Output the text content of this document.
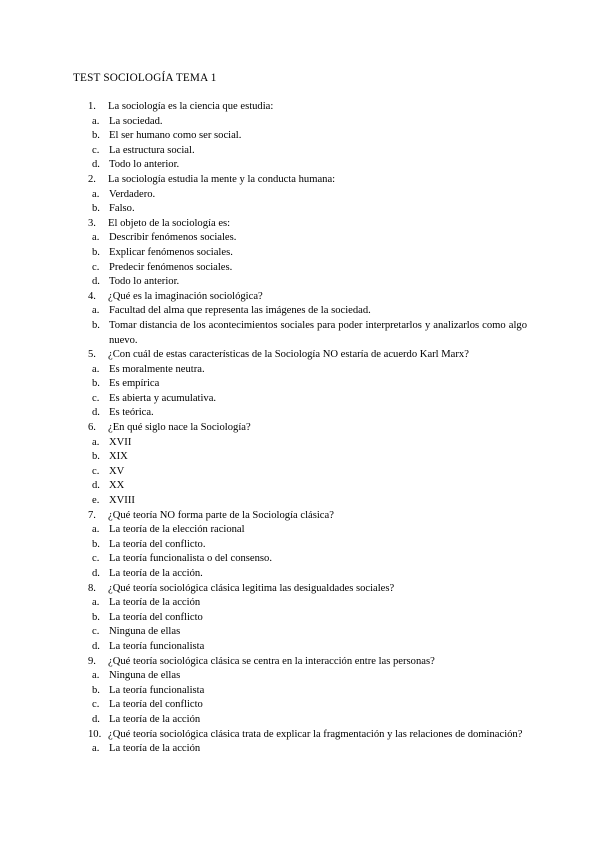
TEST SOCIOLOGÍA TEMA 1
1.	La sociología es la ciencia que estudia:
a. La sociedad.
b. El ser humano como ser social.
c. La estructura social.
d. Todo lo anterior.
2.	La sociología estudia la mente y la conducta humana:
a. Verdadero.
b. Falso.
3.	El objeto de la sociología es:
a. Describir fenómenos sociales.
b. Explicar fenómenos sociales.
c. Predecir fenómenos sociales.
d. Todo lo anterior.
4.	¿Qué es la imaginación sociológica?
a. Facultad del alma que representa las imágenes de la sociedad.
b. Tomar distancia de los acontecimientos sociales para poder interpretarlos y analizarlos como algo nuevo.
5.	¿Con cuál de estas características de la Sociología NO estaría de acuerdo Karl Marx?
a. Es moralmente neutra.
b. Es empírica
c. Es abierta y acumulativa.
d. Es teórica.
6.	¿En qué siglo nace la Sociología?
a. XVII
b. XIX
c. XV
d. XX
e. XVIII
7.	¿Qué teoría NO forma parte de la Sociología clásica?
a. La teoría de la elección racional
b. La teoría del conflicto.
c. La teoría funcionalista o del consenso.
d. La teoría de la acción.
8.	¿Qué teoría sociológica clásica legitima las desigualdades sociales?
a. La teoría de la acción
b. La teoría del conflicto
c. Ninguna de ellas
d. La teoría funcionalista
9.	¿Qué teoría sociológica clásica se centra en la interacción entre las personas?
a. Ninguna de ellas
b. La teoría funcionalista
c. La teoría del conflicto
d. La teoría de la acción
10. ¿Qué teoría sociológica clásica trata de explicar la fragmentación y las relaciones de dominación?
a. La teoría de la acción
